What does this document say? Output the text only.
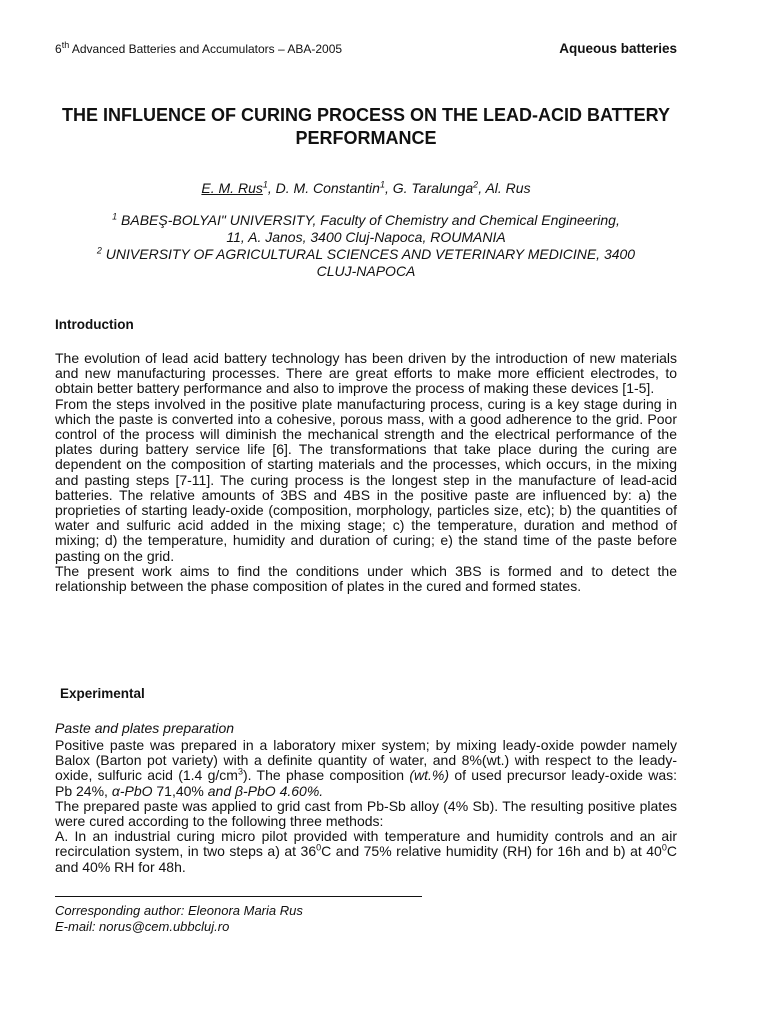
6th Advanced Batteries and Accumulators – ABA-2005	Aqueous batteries
THE INFLUENCE OF CURING PROCESS ON THE LEAD-ACID BATTERY PERFORMANCE
E. M. Rus$^1$, D. M. Constantin$^1$, G. Taralunga$^2$, Al. Rus
$^1$ BABEŞ-BOLYAI" UNIVERSITY, Faculty of Chemistry and Chemical Engineering,
11, A. Janos, 3400 Cluj-Napoca, ROUMANIA
$^2$ UNIVERSITY OF AGRICULTURAL SCIENCES AND VETERINARY MEDICINE, 3400
CLUJ-NAPOCA
Introduction

The evolution of lead acid battery technology has been driven by the introduction of new materials and new manufacturing processes. There are great efforts to make more efficient electrodes, to obtain better battery performance and also to improve the process of making these devices [1-5].

From the steps involved in the positive plate manufacturing process, curing is a key stage during in which the paste is converted into a cohesive, porous mass, with a good adherence to the grid. Poor control of the process will diminish the mechanical strength and the electrical performance of the plates during battery service life [6]. The transformations that take place during the curing are dependent on the composition of starting materials and the processes, which occurs, in the mixing and pasting steps [7-11]. The curing process is the longest step in the manufacture of lead-acid batteries. The relative amounts of 3BS and 4BS in the positive paste are influenced by: a) the proprieties of starting leady-oxide (composition, morphology, particles size, etc); b) the quantities of water and sulfuric acid added in the mixing stage; c) the temperature, duration and method of mixing; d) the temperature, humidity and duration of curing; e) the stand time of the paste before pasting on the grid.

The present work aims to find the conditions under which 3BS is formed and to detect the relationship between the phase composition of plates in the cured and formed states.

Experimental
Paste and plates preparation

Positive paste was prepared in a laboratory mixer system; by mixing leady-oxide powder namely Balox (Barton pot variety) with a definite quantity of water, and 8%(wt.) with respect to the leady-oxide, sulfuric acid (1.4 $g/cm^3$). The phase composition (wt.%) of used precursor leady-oxide was: Pb 24%, α-PbO 71,40% and β-PbO 4.60%.

The prepared paste was applied to grid cast from Pb-Sb alloy (4% Sb). The resulting positive plates were cured according to the following three methods:

A. In an industrial curing micro pilot provided with temperature and humidity controls and an air recirculation system, in two steps a) at $36^0C$ and 75% relative humidity (RH) for 16h and b) at $40^0C$ and 40% RH for 48h.

Corresponding author: Eleonora Maria Rus
E-mail: norus@cem.ubbcluj.ro
